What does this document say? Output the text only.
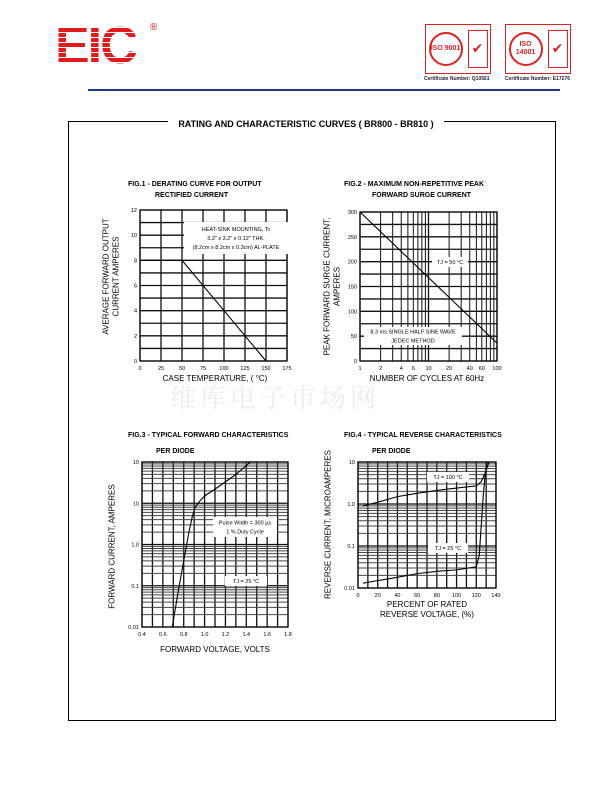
EIC ®
ISO 9001 ✔	ISO 14001	✔
Certificate Number: Q10561	Certificate Number: E17276
RATING AND CHARACTERISTIC CURVES ( BR800 - BR810 )
维库电子市场网
FIG.1 - DERATING CURVE FOR OUTPUT
RECTIFIED CURRENT
FIG.2 - MAXIMUM NON-REPETITIVE PEAK
FORWARD SURGE CURRENT
FIG.3 - TYPICAL FORWARD CHARACTERISTICS
PER DIODE
FIG.4 - TYPICAL REVERSE CHARACTERISTICS
PER DIODE
CASE TEMPERATURE, ( °C)	NUMBER OF CYCLES AT 60Hz
FORWARD VOLTAGE, VOLTS
PERCENT OF RATED
REVERSE VOLTAGE, (%)
AVERAGE FORWARD OUTPUT CURRENT AMPERES	PEAK FORWARD SURGE CURRENT, AMPERES
FORWARD CURRENT, AMPERES	REVERSE CURRENT, MICROAMPERES
0	25	50	75 100 125 150 175
0
2
4
6
8
10
12
HEAT-SINK MOUNTING, Tc
3.2" x 3.2" x 0.12" THK.
(8.2cm x 8.2cm x 0.3cm) Al.-PLATE
1	2	4 6 10	20	40 60 100
0
50
100
150
200
250
300
TJ = 50 °C
8.3 ms SINGLE HALF SINE WAVE
JEDEC METHOD
0.4 0.6 0.8 1.0 1.2 1.4 1.6 1.8
0.01
0.1
1.0
10
10
Pulse Width = 300 µs
1 % Duty Cycle
TJ = 25 °C
0	20 40 60 80 100 120 140
0.01
0.1
1.0
10
TJ = 100 °C
TJ = 25 °C
